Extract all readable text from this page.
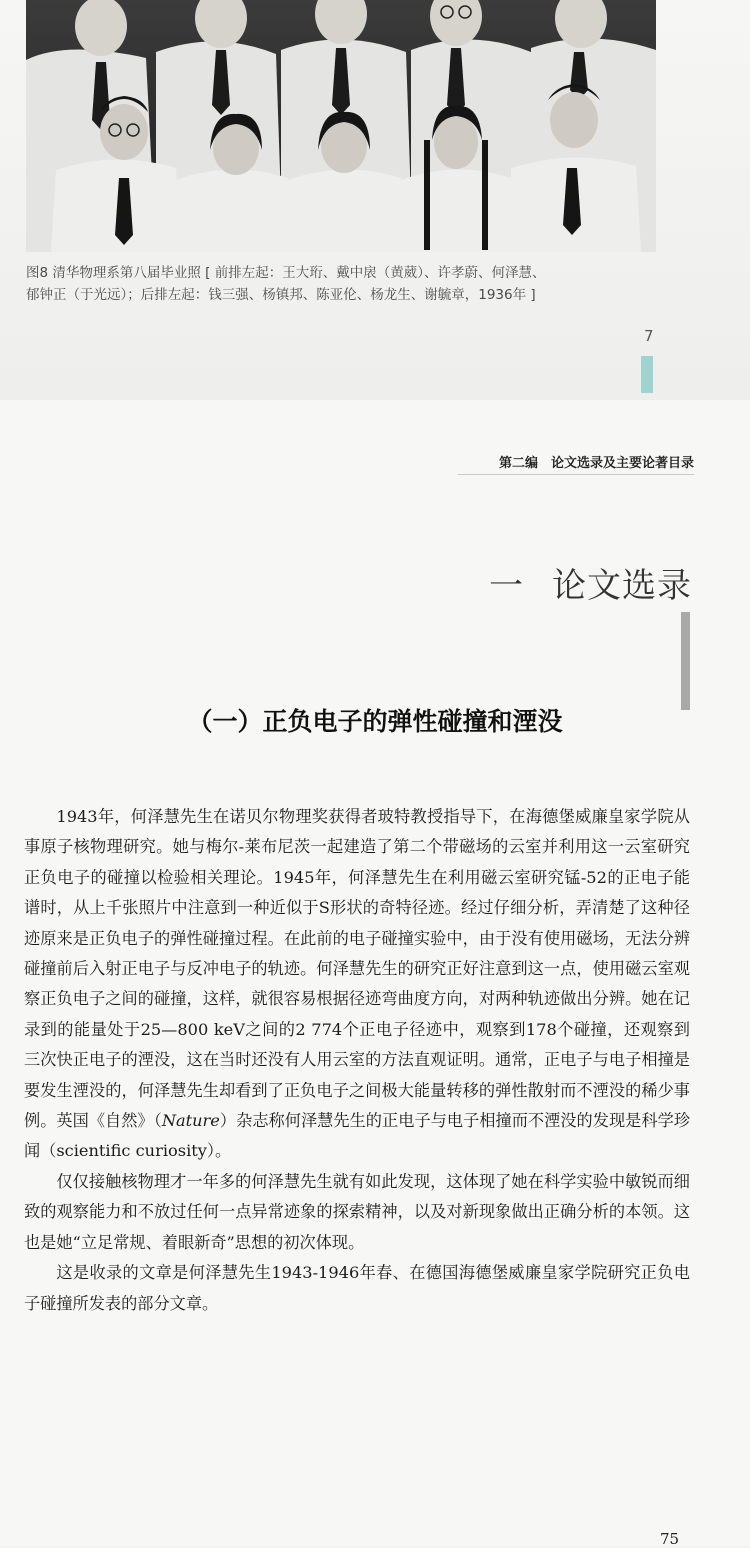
图8 清华物理系第八届毕业照 [ 前排左起：王大珩、戴中扆（黄葳）、许孝蔚、何泽慧、
郁钟正（于光远）；后排左起：钱三强、杨镇邦、陈亚伦、杨龙生、谢毓章，1936年 ]
7
第二编　论文选录及主要论著目录
一 论文选录
（一）正负电子的弹性碰撞和湮没

1943年，何泽慧先生在诺贝尔物理奖获得者玻特教授指导下，在海德堡威廉皇家学院从事原子核物理研究。她与梅尔-莱布尼茨一起建造了第二个带磁场的云室并利用这一云室研究正负电子的碰撞以检验相关理论。1945年，何泽慧先生在利用磁云室研究锰-52的正电子能谱时，从上千张照片中注意到一种近似于S形状的奇特径迹。经过仔细分析，弄清楚了这种径迹原来是正负电子的弹性碰撞过程。在此前的电子碰撞实验中，由于没有使用磁场，无法分辨碰撞前后入射正电子与反冲电子的轨迹。何泽慧先生的研究正好注意到这一点，使用磁云室观察正负电子之间的碰撞，这样，就很容易根据径迹弯曲度方向，对两种轨迹做出分辨。她在记录到的能量处于25—800 keV之间的2 774个正电子径迹中，观察到178个碰撞，还观察到三次快正电子的湮没，这在当时还没有人用云室的方法直观证明。通常，正电子与电子相撞是要发生湮没的，何泽慧先生却看到了正负电子之间极大能量转移的弹性散射而不湮没的稀少事例。英国《自然》（Nature）杂志称何泽慧先生的正电子与电子相撞而不湮没的发现是科学珍闻（scientific curiosity）。

仅仅接触核物理才一年多的何泽慧先生就有如此发现，这体现了她在科学实验中敏锐而细致的观察能力和不放过任何一点异常迹象的探索精神，以及对新现象做出正确分析的本领。这也是她“立足常规、着眼新奇”思想的初次体现。

这是收录的文章是何泽慧先生1943-1946年春、在德国海德堡威廉皇家学院研究正负电子碰撞所发表的部分文章。

75
